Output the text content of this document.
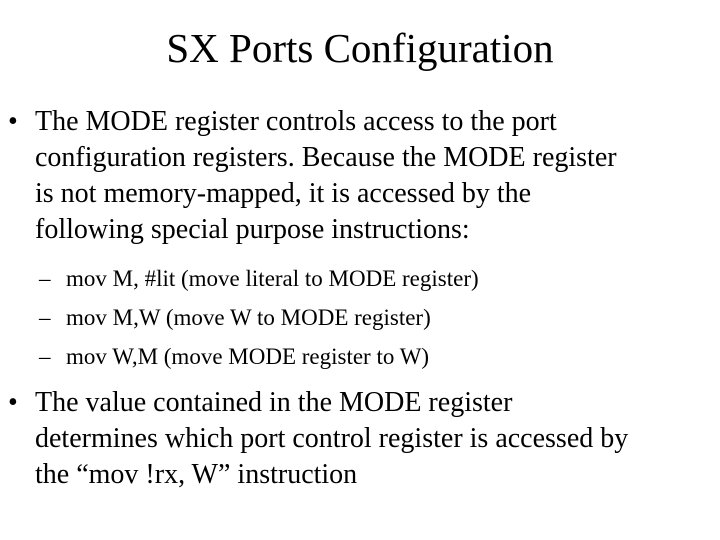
SX Ports Configuration
• The MODE register controls access to the port
configuration registers. Because the MODE register
is not memory-mapped, it is accessed by the
following special purpose instructions:
– mov M, #lit (move literal to MODE register)
– mov M,W (move W to MODE register)
– mov W,M (move MODE register to W)
• The value contained in the MODE register
determines which port control register is accessed by
the “mov !rx, W” instruction
